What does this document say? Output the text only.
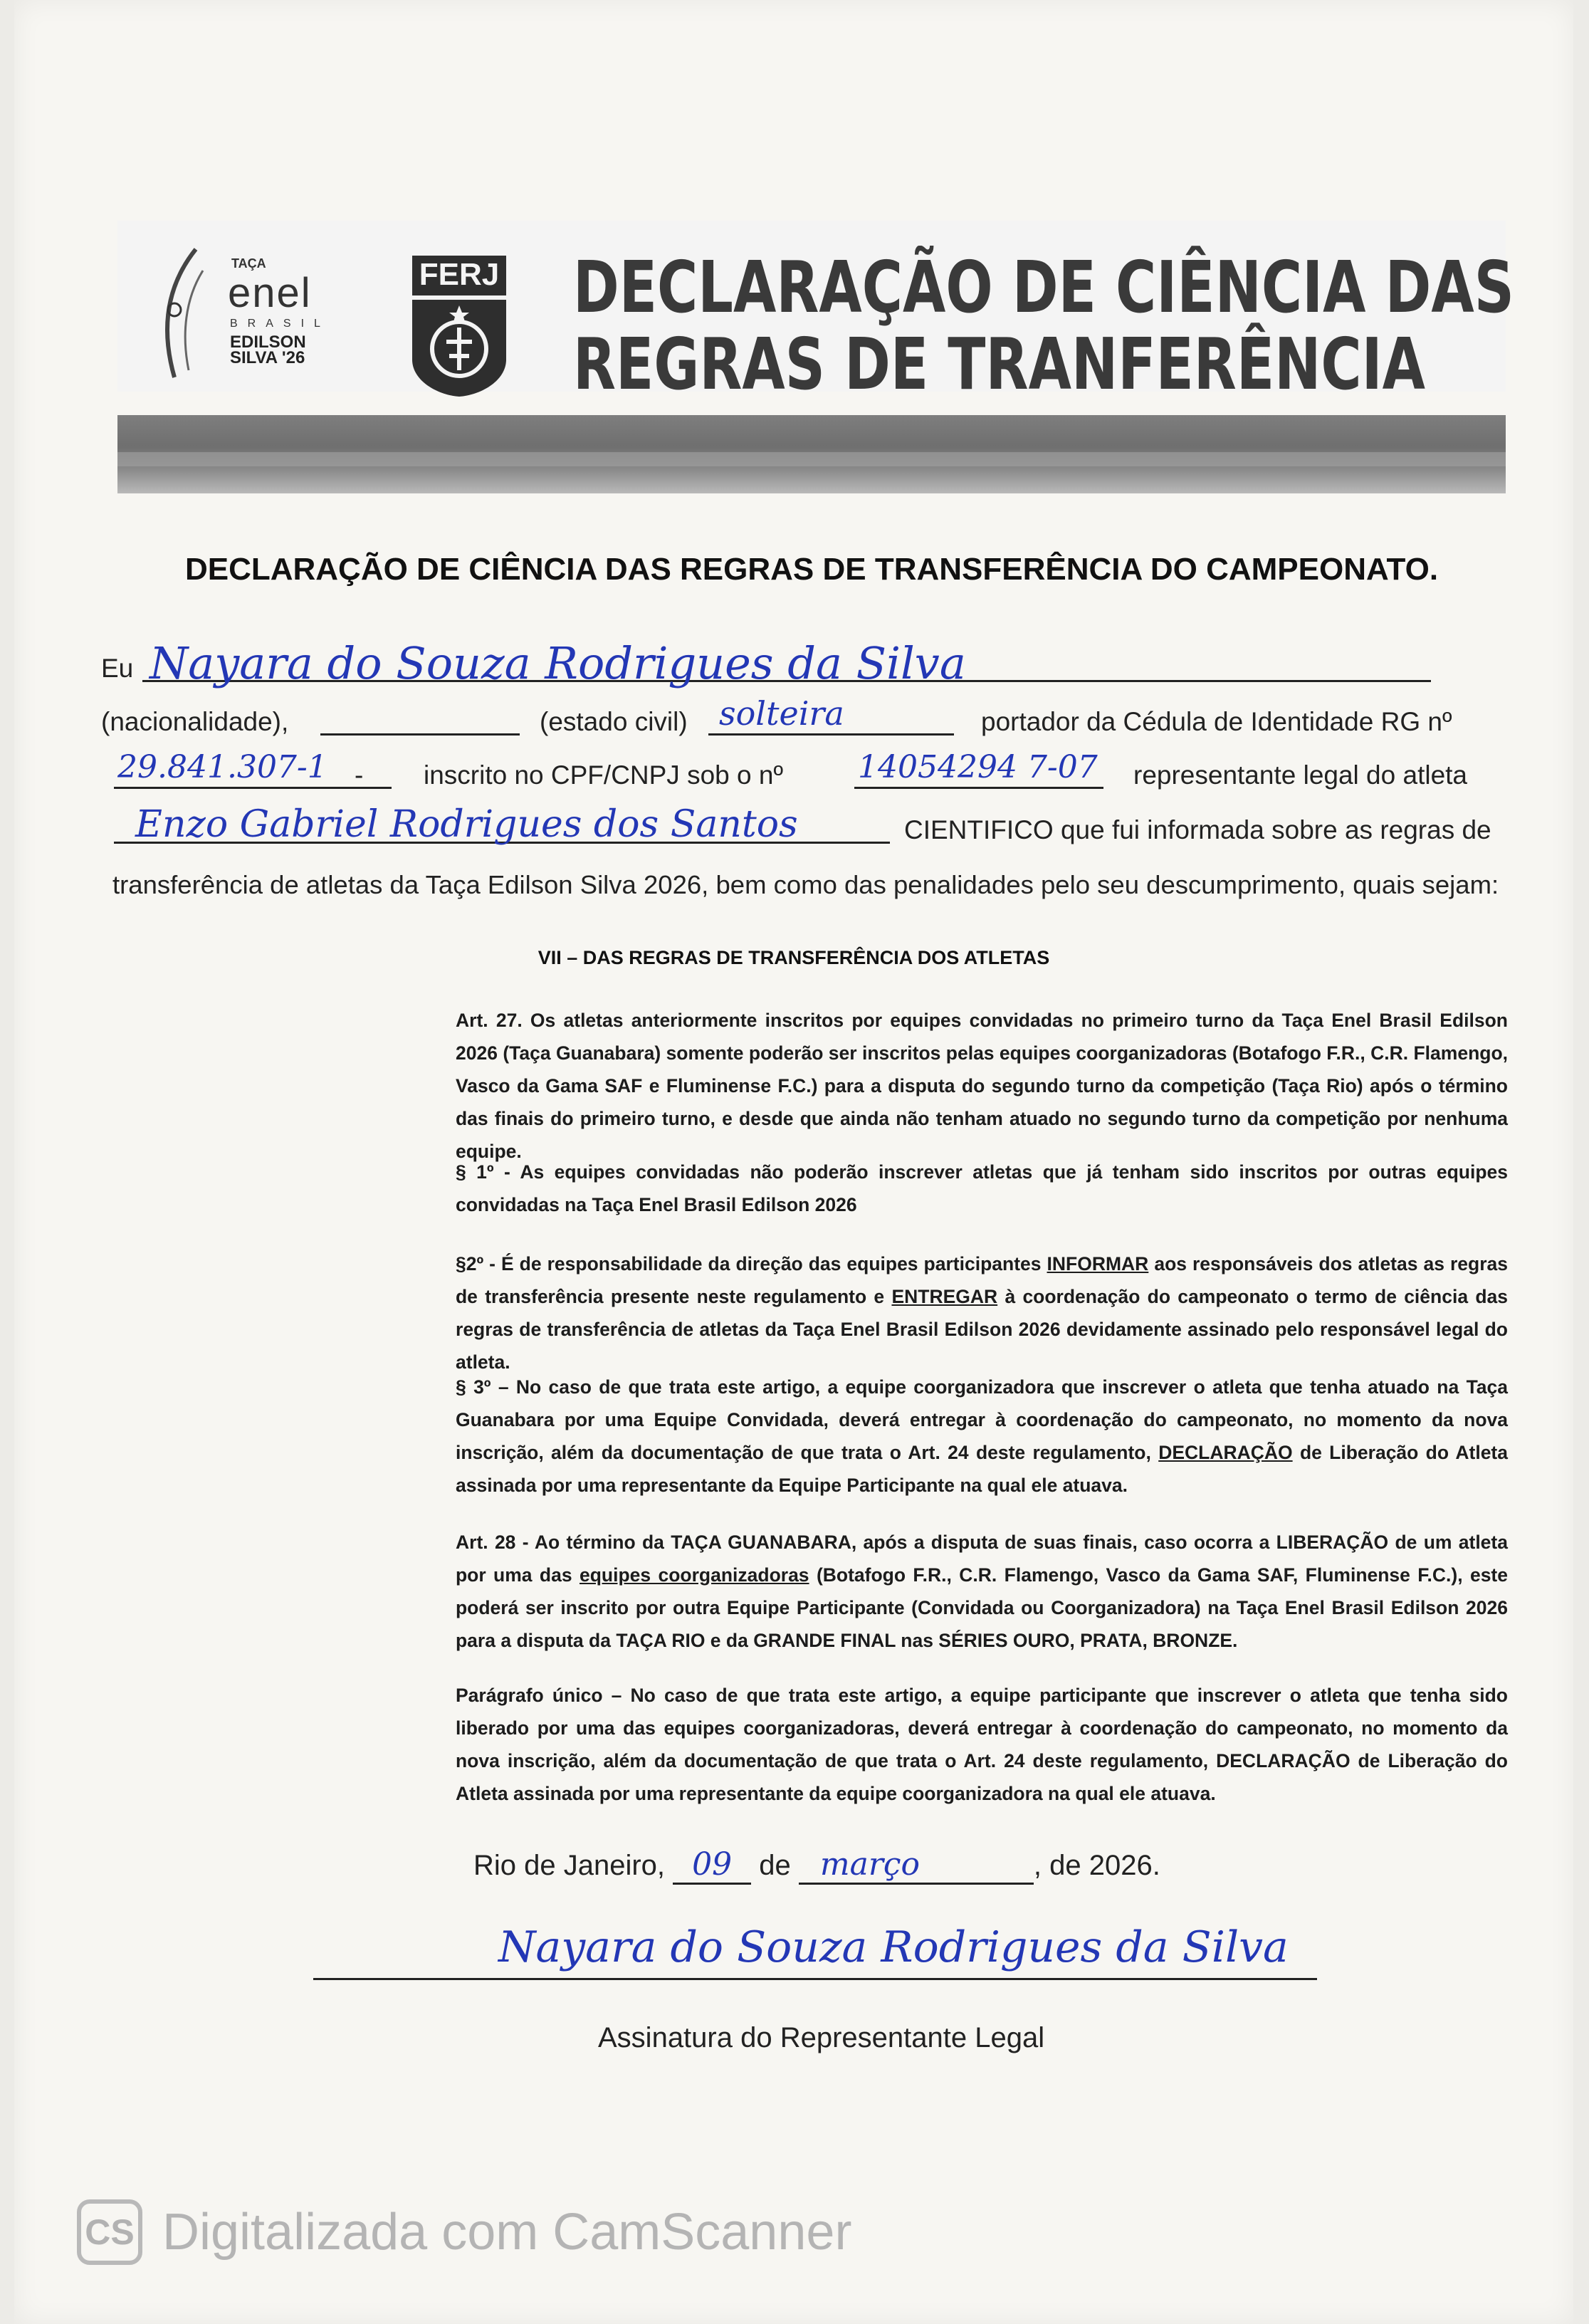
TAÇA
enel
BRASIL
EDILSON SILVA '26
FERJ DECLARAÇÃO DE CIÊNCIA DAS
REGRAS DE TRANFERÊNCIA
DECLARAÇÃO DE CIÊNCIA DAS REGRAS DE TRANSFERÊNCIA DO CAMPEONATO.
Eu Nayara do Souza Rodrigues da Silva
(nacionalidade),	(estado civil) solteira	portador da Cédula de Identidade RG nº
29.841.307-1 - inscrito no CPF/CNPJ sob o nº 14054294 7-07 representante legal do atleta
Enzo Gabriel Rodrigues dos Santos	CIENTIFICO que fui informada sobre as regras de
transferência de atletas da Taça Edilson Silva 2026, bem como das penalidades pelo seu descumprimento, quais sejam:
VII – DAS REGRAS DE TRANSFERÊNCIA DOS ATLETAS
Art. 27. Os atletas anteriormente inscritos por equipes convidadas no primeiro turno da Taça Enel Brasil Edilson 2026 (Taça Guanabara) somente poderão ser inscritos pelas equipes coorganizadoras (Botafogo F.R., C.R. Flamengo, Vasco da Gama SAF e Fluminense F.C.) para a disputa do segundo turno da competição (Taça Rio) após o término das finais do primeiro turno, e desde que ainda não tenham atuado no segundo turno da competição por nenhuma equipe.
§ 1º - As equipes convidadas não poderão inscrever atletas que já tenham sido inscritos por outras equipes convidadas na Taça Enel Brasil Edilson 2026
§2º - É de responsabilidade da direção das equipes participantes INFORMAR aos responsáveis dos atletas as regras de transferência presente neste regulamento e ENTREGAR à coordenação do campeonato o termo de ciência das regras de transferência de atletas da Taça Enel Brasil Edilson 2026 devidamente assinado pelo responsável legal do atleta.
§ 3º – No caso de que trata este artigo, a equipe coorganizadora que inscrever o atleta que tenha atuado na Taça Guanabara por uma Equipe Convidada, deverá entregar à coordenação do campeonato, no momento da nova inscrição, além da documentação de que trata o Art. 24 deste regulamento, DECLARAÇÃO de Liberação do Atleta assinada por uma representante da Equipe Participante na qual ele atuava.
Art. 28 - Ao término da TAÇA GUANABARA, após a disputa de suas finais, caso ocorra a LIBERAÇÃO de um atleta por uma das equipes coorganizadoras (Botafogo F.R., C.R. Flamengo, Vasco da Gama SAF, Fluminense F.C.), este poderá ser inscrito por outra Equipe Participante (Convidada ou Coorganizadora) na Taça Enel Brasil Edilson 2026 para a disputa da TAÇA RIO e da GRANDE FINAL nas SÉRIES OURO, PRATA, BRONZE.
Parágrafo único – No caso de que trata este artigo, a equipe participante que inscrever o atleta que tenha sido liberado por uma das equipes coorganizadoras, deverá entregar à coordenação do campeonato, no momento da nova inscrição, além da documentação de que trata o Art. 24 deste regulamento, DECLARAÇÃO de Liberação do Atleta assinada por uma representante da equipe coorganizadora na qual ele atuava.
Rio de Janeiro, 09 de março	, de 2026.
Nayara do Souza Rodrigues da Silva
Assinatura do Representante Legal
CS Digitalizada com CamScanner
